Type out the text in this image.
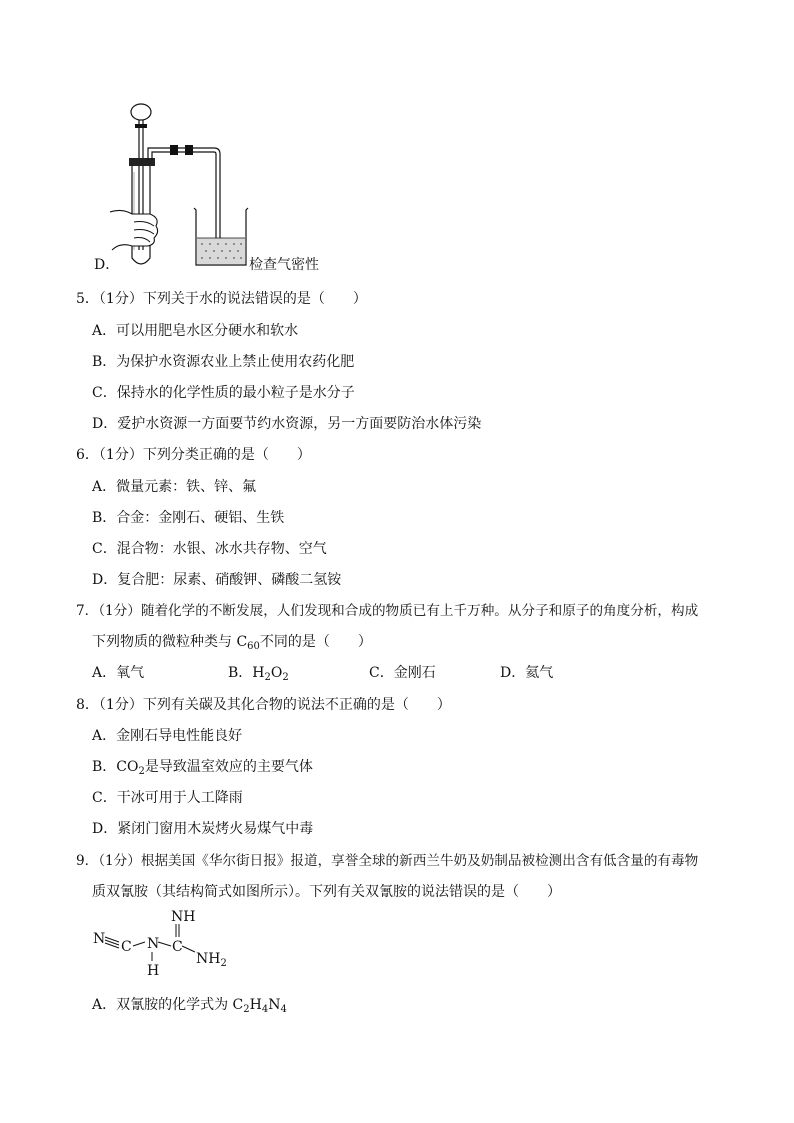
D．	检查气密性
5．（1分）下列关于水的说法错误的是（　　）
A．可以用肥皂水区分硬水和软水
B．为保护水资源农业上禁止使用农药化肥
C．保持水的化学性质的最小粒子是水分子
D．爱护水资源一方面要节约水资源，另一方面要防治水体污染
6．（1分）下列分类正确的是（　　）
A．微量元素：铁、锌、氟
B．合金：金刚石、硬铝、生铁
C．混合物：水银、冰水共存物、空气
D．复合肥：尿素、硝酸钾、磷酸二氢铵
7．（1分）随着化学的不断发展，人们发现和合成的物质已有上千万种。从分子和原子的角度分析，构成
下列物质的微粒种类与 $C_{60}$不同的是（　　）
A．氧气	B．$H_2O_2$	C．金刚石	D．氦气
8．（1分）下列有关碳及其化合物的说法不正确的是（　　）
A．金刚石导电性能良好
B．$CO_2$是导致温室效应的主要气体
C．干冰可用于人工降雨
D．紧闭门窗用木炭烤火易煤气中毒
9．（1分）根据美国《华尔街日报》报道，享誉全球的新西兰牛奶及奶制品被检测出含有低含量的有毒物
质双氰胺（其结构简式如图所示）。下列有关双氰胺的说法错误的是（　　）
N C N
H
C
NH
$NH_2$
A．双氰胺的化学式为 $C_2H_4N_4$
